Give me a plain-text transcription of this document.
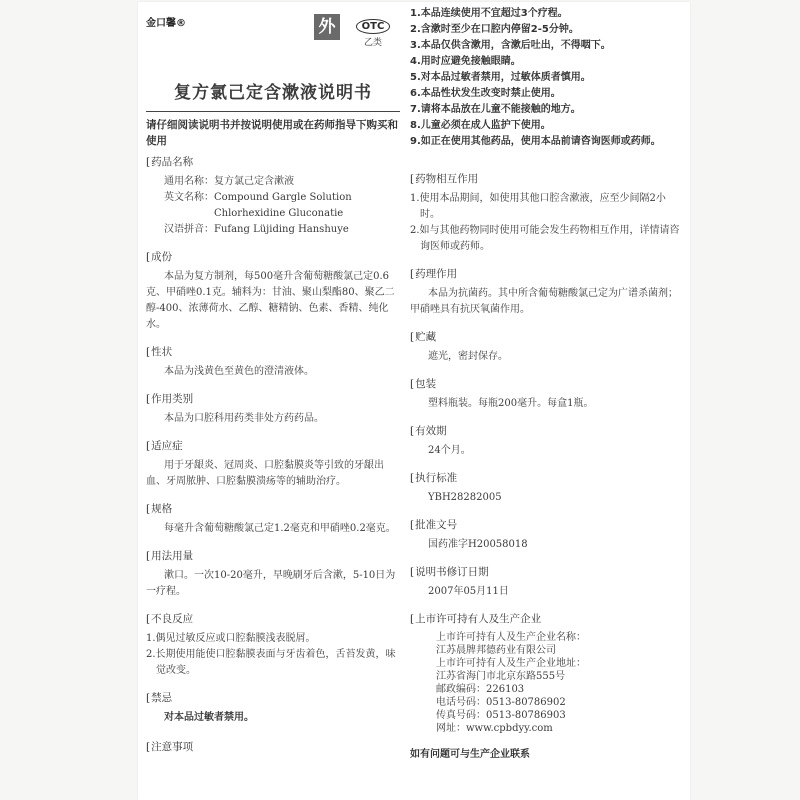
金口馨®	外	OTC
乙类
复方氯己定含漱液说明书
请仔细阅读说明书并按说明使用或在药师指导下购买和使用
[ 药品名称
通用名称：复方氯己定含漱液
英文名称：Compound Gargle Solution
Chlorhexidine Gluconatie
汉语拼音：Fufang Lüjiding Hanshuye
[ 成份
本品为复方制剂，每500毫升含葡萄糖酸氯己定0.6克、甲硝唑0.1克。辅料为：甘油、聚山梨酯80、聚乙二醇-400、浓薄荷水、乙醇、糖精钠、色素、香精、纯化水。
[ 性状
本品为浅黄色至黄色的澄清液体。
[ 作用类别
本品为口腔科用药类非处方药药品。
[ 适应症
用于牙龈炎、冠周炎、口腔黏膜炎等引致的牙龈出血、牙周脓肿、口腔黏膜溃疡等的辅助治疗。
[ 规格
每毫升含葡萄糖酸氯己定1.2毫克和甲硝唑0.2毫克。
[ 用法用量
漱口。一次10-20毫升，早晚刷牙后含漱，5-10日为一疗程。
[ 不良反应
1.偶见过敏反应或口腔黏膜浅表脱屑。
2.长期使用能使口腔黏膜表面与牙齿着色，舌苔发黄，味觉改变。
[ 禁忌
对本品过敏者禁用。
[ 注意事项
1.本品连续使用不宜超过3个疗程。
2.含漱时至少在口腔内停留2-5分钟。
3.本品仅供含漱用，含漱后吐出，不得咽下。
4.用时应避免接触眼睛。
5.对本品过敏者禁用，过敏体质者慎用。
6.本品性状发生改变时禁止使用。
7.请将本品放在儿童不能接触的地方。
8.儿童必须在成人监护下使用。
9.如正在使用其他药品，使用本品前请咨询医师或药师。
[ 药物相互作用
1.使用本品期间，如使用其他口腔含漱液，应至少间隔2小时。
2.如与其他药物同时使用可能会发生药物相互作用，详情请咨询医师或药师。
[ 药理作用
本品为抗菌药。其中所含葡萄糖酸氯己定为广谱杀菌剂；甲硝唑具有抗厌氧菌作用。
[ 贮藏
遮光，密封保存。
[ 包装
塑料瓶装。每瓶200毫升。每盒1瓶。
[ 有效期
24个月。
[ 执行标准
YBH28282005
[ 批准文号
国药准字H20058018
[ 说明书修订日期
2007年05月11日
[ 上市许可持有人及生产企业
上市许可持有人及生产企业名称：
江苏晨牌邦德药业有限公司
上市许可持有人及生产企业地址：
江苏省海门市北京东路555号
邮政编码：226103
电话号码：0513-80786902
传真号码：0513-80786903
网址：www.cpbdyy.com
如有问题可与生产企业联系
